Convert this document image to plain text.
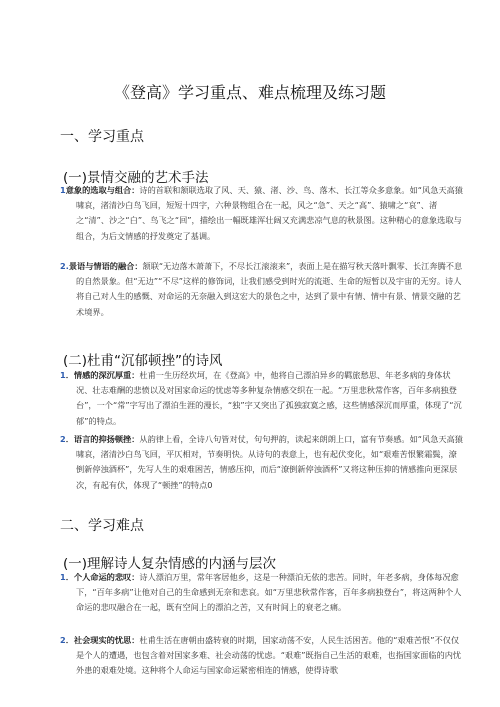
《登高》学习重点、难点梳理及练习题
一、学习重点
(一)景情交融的艺术手法
1意象的选取与组合：诗的首联和颔联选取了风、天、猿、渚、沙、鸟、落木、长江等众多意象。如“风急天高猿啸哀，渚清沙白鸟飞回，短短十四字，六种景物组合在一起，风之“急”、天之“高”、猿啸之“哀”、渚之“清”、沙之“白”、鸟飞之“回”，描绘出一幅既雄浑壮阔又充满悲凉气息的秋景图。这种精心的意象选取与组合，为后文情感的抒发奠定了基调。
2.景语与情语的融合：颔联“无边落木萧萧下，不尽长江滚滚来”，表面上是在描写秋天落叶飘零、长江奔腾不息的自然景象。但“无边”“不尽”这样的修饰词，让我们感受到时光的流逝、生命的短暂以及宇宙的无穷。诗人将自己对人生的感慨、对命运的无奈融入到这宏大的景色之中，达到了景中有情、情中有景、情景交融的艺术境界。
(二)杜甫“沉郁顿挫”的诗风
1．情感的深沉厚重：杜甫一生历经坎坷，在《登高》中，他将自己漂泊异乡的羁旅愁思、年老多病的身体状况、壮志难酬的悲愤以及对国家命运的忧虑等多种复杂情感交织在一起。“万里悲秋常作客，百年多病独登台”，一个“常”字写出了漂泊生涯的漫长，“独”字又突出了孤独寂寞之感，这些情感深沉而厚重，体现了“沉郁”的特点。
2．语言的抑扬顿挫：从韵律上看，全诗八句皆对仗，句句押韵，读起来朗朗上口，富有节奏感。如“风急天高猿啸哀，渚清沙白鸟飞回，平仄相对，节奏明快。从诗句的表意上，也有起伏变化，如“艰难苦恨繁霜鬓，潦倒新停浊酒杯”，先写人生的艰难困苦，情感压抑，而后“潦倒新停浊酒杯”又将这种压抑的情感推向更深层次，有起有伏，体现了“顿挫”的特点0
二、学习难点
(一)理解诗人复杂情感的内涵与层次
1．个人命运的悲叹：诗人漂泊万里，常年客居他乡，这是一种漂泊无依的悲苦。同时，年老多病，身体每况愈下，“百年多病”让他对自己的生命感到无奈和悲哀。如“万里悲秋常作客，百年多病独登台”，将这两种个人命运的悲叹融合在一起，既有空间上的漂泊之苦，又有时间上的衰老之痛。
2．社会现实的忧思：杜甫生活在唐朝由盛转衰的时期，国家动荡不安，人民生活困苦。他的“艰难苦恨”不仅仅是个人的遭遇，也包含着对国家多难、社会动荡的忧虑。“艰难”既指自己生活的艰难，也指国家面临的内忧外患的艰难处境。这种将个人命运与国家命运紧密相连的情感，使得诗歌
